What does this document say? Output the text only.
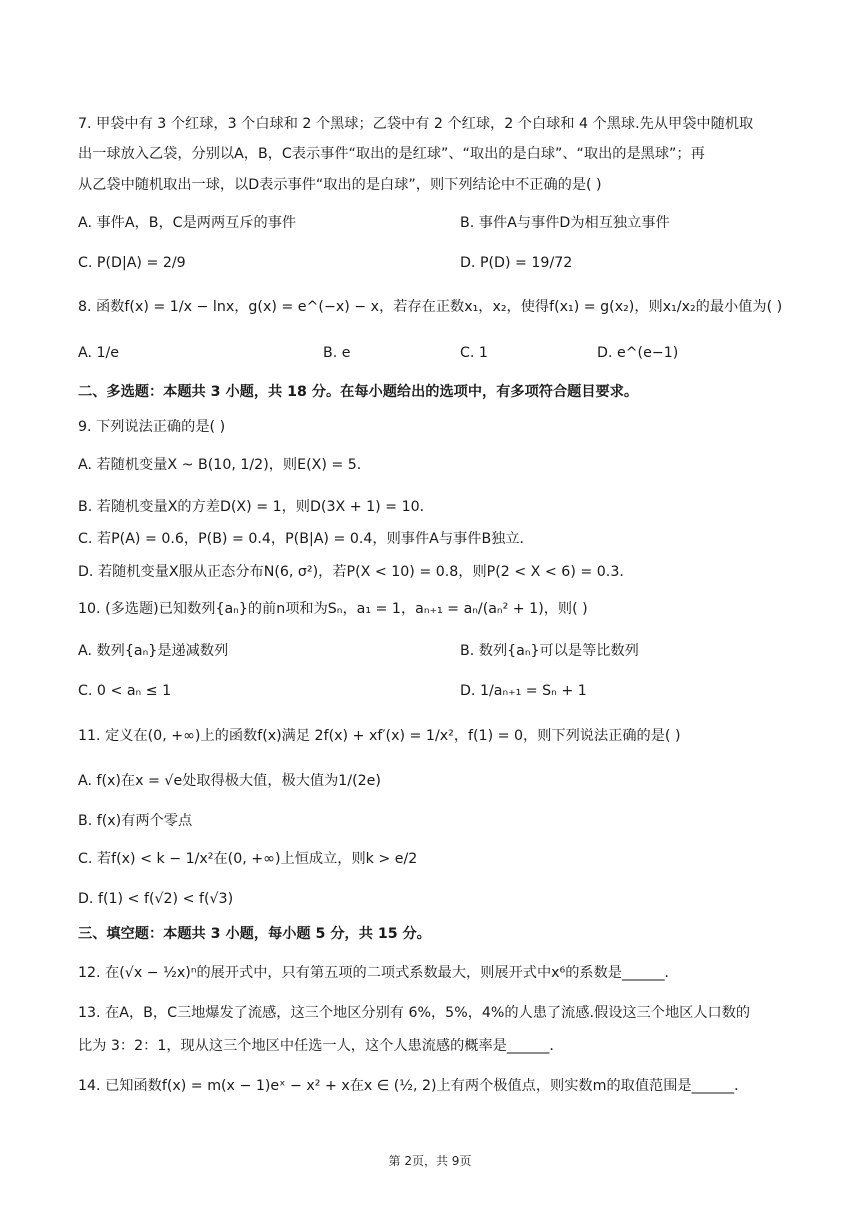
7. 甲袋中有 3 个红球，3 个白球和 2 个黑球；乙袋中有 2 个红球，2 个白球和 4 个黑球.先从甲袋中随机取
出一球放入乙袋，分别以A，B，C表示事件“取出的是红球”、“取出的是白球”、“取出的是黑球”；再
从乙袋中随机取出一球，以D表示事件“取出的是白球”，则下列结论中不正确的是( )
A. 事件A，B，C是两两互斥的事件	B. 事件A与事件D为相互独立事件
C. P(D|A) = 2/9	D. P(D) = 19/72
8. 函数f(x) = 1/x − lnx，g(x) = e^(−x) − x，若存在正数x₁，x₂，使得f(x₁) = g(x₂)，则x₁/x₂的最小值为( )
A. 1/e	B. e	C. 1	D. e^(e−1)
二、多选题：本题共 3 小题，共 18 分。在每小题给出的选项中，有多项符合题目要求。
9. 下列说法正确的是( )
A. 若随机变量X ~ B(10, 1/2)，则E(X) = 5．
B. 若随机变量X的方差D(X) = 1，则D(3X + 1) = 10．
C. 若P(A) = 0.6，P(B) = 0.4，P(B|A) = 0.4，则事件A与事件B独立．
D. 若随机变量X服从正态分布N(6, σ²)，若P(X < 10) = 0.8，则P(2 < X < 6) = 0.3．
10. (多选题)已知数列{aₙ}的前n项和为Sₙ，a₁ = 1，aₙ₊₁ = aₙ/(aₙ² + 1)，则( )
A. 数列{aₙ}是递减数列	B. 数列{aₙ}可以是等比数列
C. 0 < aₙ ≤ 1	D. 1/aₙ₊₁ = Sₙ + 1
11. 定义在(0, +∞)上的函数f(x)满足 2f(x) + xf′(x) = 1/x²，f(1) = 0，则下列说法正确的是( )
A. f(x)在x = √e处取得极大值，极大值为1/(2e)
B. f(x)有两个零点
C. 若f(x) < k − 1/x²在(0, +∞)上恒成立，则k > e/2
D. f(1) < f(√2) < f(√3)
三、填空题：本题共 3 小题，每小题 5 分，共 15 分。
12. 在(√x − ½x)ⁿ的展开式中，只有第五项的二项式系数最大，则展开式中x⁶的系数是______．
13. 在A，B，C三地爆发了流感，这三个地区分别有 6%，5%，4%的人患了流感.假设这三个地区人口数的
比为 3：2：1，现从这三个地区中任选一人，这个人患流感的概率是______．
14. 已知函数f(x) = m(x − 1)eˣ − x² + x在x ∈ (½, 2)上有两个极值点，则实数m的取值范围是______．
第 2页，共 9页
